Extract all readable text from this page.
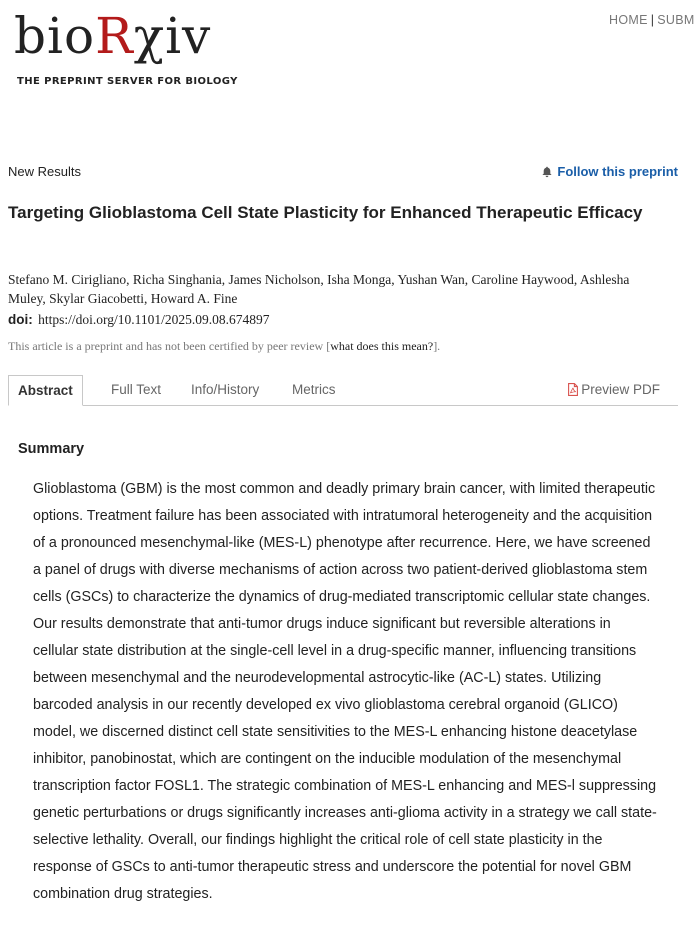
bioRχiv
THE PREPRINT SERVER FOR BIOLOGY
HOME | SUBM
New Results	Follow this preprint
Targeting Glioblastoma Cell State Plasticity for Enhanced Therapeutic Efficacy
Stefano M. Cirigliano, Richa Singhania, James Nicholson, Isha Monga, Yushan Wan, Caroline Haywood, Ashlesha Muley, Skylar Giacobetti, Howard A. Fine
doi: https://doi.org/10.1101/2025.09.08.674897
This article is a preprint and has not been certified by peer review [what does this mean?].
Abstract	Full Text Info/History Metrics	Preview PDF
Summary
Glioblastoma (GBM) is the most common and deadly primary brain cancer, with limited therapeutic options. Treatment failure has been associated with intratumoral heterogeneity and the acquisition of a pronounced mesenchymal-like (MES-L) phenotype after recurrence. Here, we have screened a panel of drugs with diverse mechanisms of action across two patient-derived glioblastoma stem cells (GSCs) to characterize the dynamics of drug-mediated transcriptomic cellular state changes. Our results demonstrate that anti-tumor drugs induce significant but reversible alterations in cellular state distribution at the single-cell level in a drug-specific manner, influencing transitions between mesenchymal and the neurodevelopmental astrocytic-like (AC-L) states. Utilizing barcoded analysis in our recently developed ex vivo glioblastoma cerebral organoid (GLICO) model, we discerned distinct cell state sensitivities to the MES-L enhancing histone deacetylase inhibitor, panobinostat, which are contingent on the inducible modulation of the mesenchymal transcription factor FOSL1. The strategic combination of MES-L enhancing and MES-l suppressing genetic perturbations or drugs significantly increases anti-glioma activity in a strategy we call state-selective lethality. Overall, our findings highlight the critical role of cell state plasticity in the response of GSCs to anti-tumor therapeutic stress and underscore the potential for novel GBM combination drug strategies.
